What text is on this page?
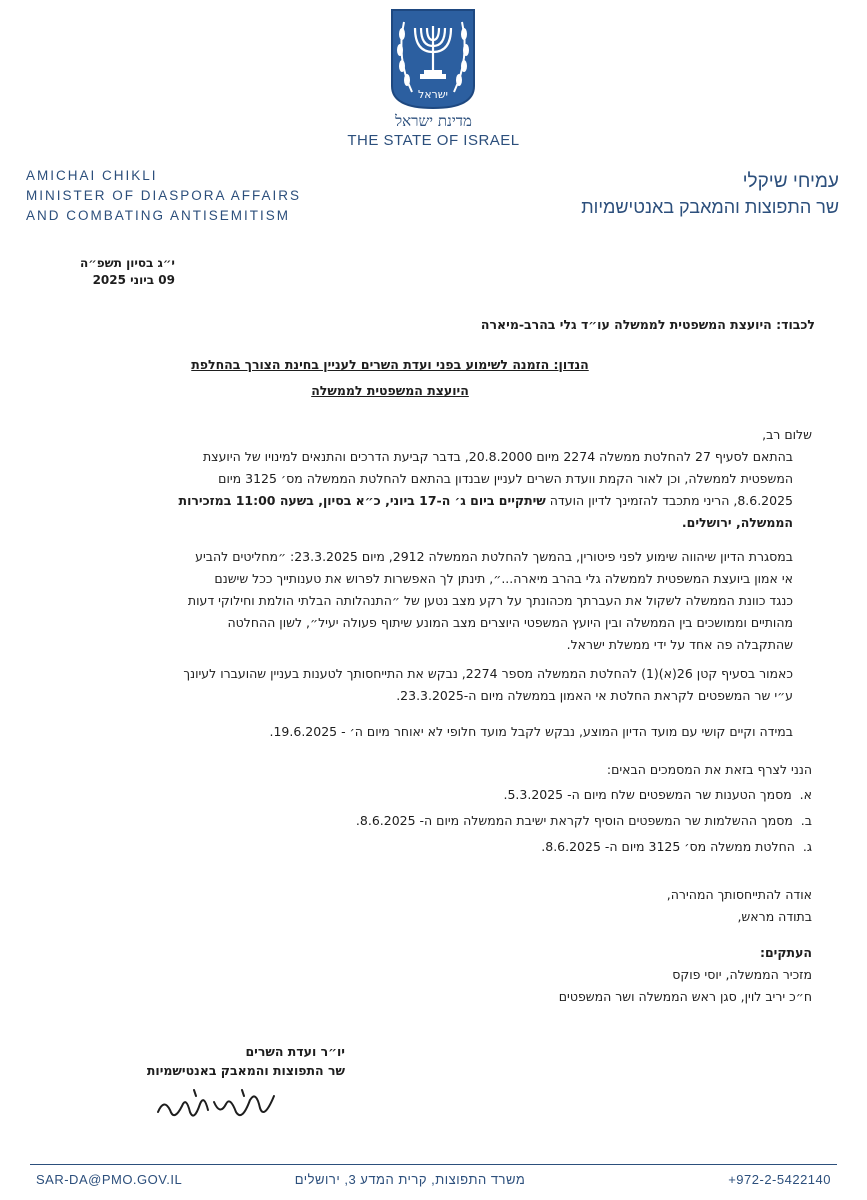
ישראל
מדינת ישראל
THE STATE OF ISRAEL
AMICHAI CHIKLI
MINISTER OF DIASPORA AFFAIRS
AND COMBATING ANTISEMITISM
עמיחי שיקלי
שר התפוצות והמאבק באנטישמיות
י״ג בסיון תשפ״ה
09 ביוני 2025
לכבוד: היועצת המשפטית לממשלה עו״ד גלי בהרב-מיארה
הנדון: הזמנה לשימוע בפני ועדת השרים לעניין בחינת הצורך בהחלפת
היועצת המשפטית לממשלה
שלום רב,
בהתאם לסעיף 27 להחלטת ממשלה 2274 מיום 20.8.2000, בדבר קביעת הדרכים והתנאים למינויו של היועצת
המשפטית לממשלה, וכן לאור הקמת וועדת השרים לעניין שבנדון בהתאם להחלטת הממשלה מס׳ 3125 מיום
8.6.2025, הריני מתכבד להזמינך לדיון הועדה שיתקיים ביום ג׳ ה-17 ביוני, כ״א בסיון, בשעה 11:00 במזכירות
הממשלה, ירושלים.
במסגרת הדיון שיהווה שימוע לפני פיטורין, בהמשך להחלטת הממשלה 2912, מיום 23.3.2025: ״מחליטים להביע
אי אמון ביועצת המשפטית לממשלה גלי בהרב מיארה...״, תינתן לך האפשרות לפרוש את טענותייך ככל שישנם
כנגד כוונת הממשלה לשקול את העברתך מכהונתך על רקע מצב נטען של ״התנהלותה הבלתי הולמת וחילוקי דעות
מהותיים וממושכים בין הממשלה ובין היועץ המשפטי היוצרים מצב המונע שיתוף פעולה יעיל״, לשון ההחלטה
שהתקבלה פה אחד על ידי ממשלת ישראל.
כאמור בסעיף קטן 26(א)(1) להחלטת הממשלה מספר 2274, נבקש את התייחסותך לטענות בעניין שהועברו לעיונך
ע״י שר המשפטים לקראת החלטת אי האמון בממשלה מיום ה-23.3.2025.
במידה וקיים קושי עם מועד הדיון המוצע, נבקש לקבל מועד חלופי לא יאוחר מיום ה׳ - 19.6.2025.
הנני לצרף בזאת את המסמכים הבאים:
א.  מסמך הטענות שר המשפטים שלח מיום ה- 5.3.2025.
ב.  מסמך ההשלמות שר המשפטים הוסיף לקראת ישיבת הממשלה מיום ה- 8.6.2025.
ג.  החלטת ממשלה מס׳ 3125 מיום ה- 8.6.2025.
אודה להתייחסותך המהירה,
בתודה מראש,
העתקים:
מזכיר הממשלה, יוסי פוקס
ח״כ יריב לוין, סגן ראש הממשלה ושר המשפטים
יו״ר ועדת השרים
שר התפוצות והמאבק באנטישמיות
SAR-DA@PMO.GOV.IL	משרד התפוצות, קרית המדע 3, ירושלים	+972-2-5422140
